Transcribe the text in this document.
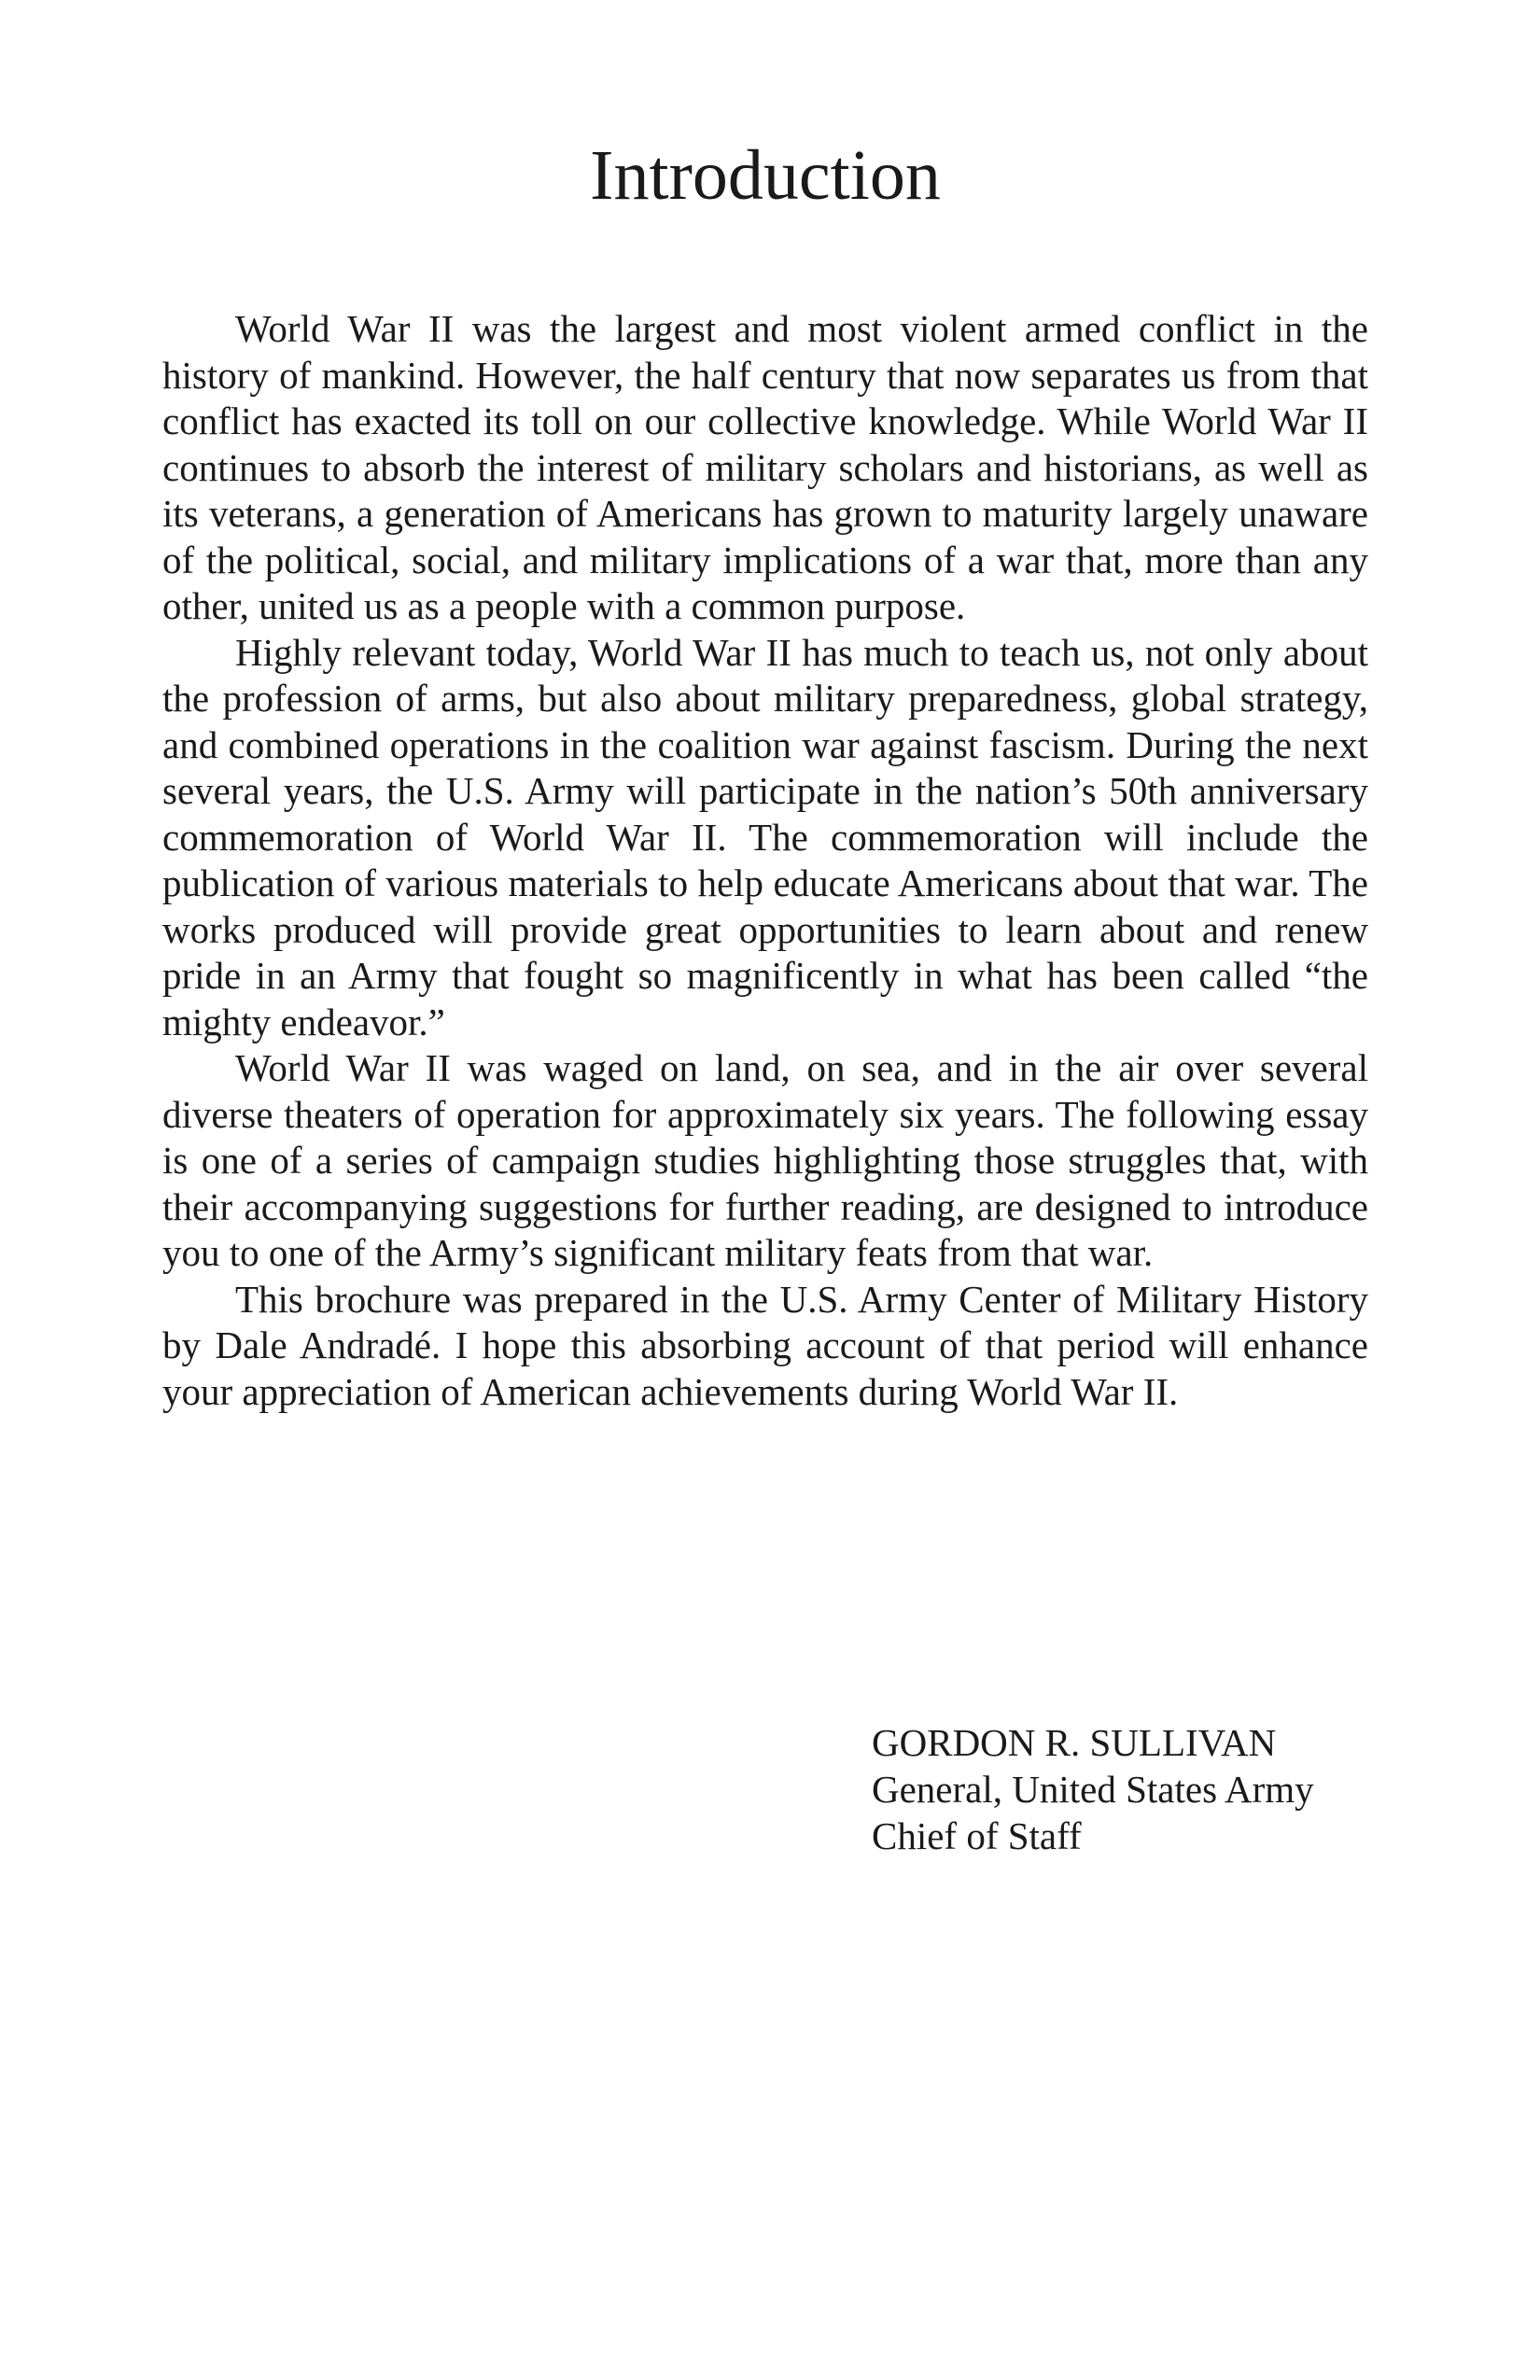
Introduction

World War II was the largest and most violent armed conflict in the history of mankind. However, the half century that now separates us from that conflict has exacted its toll on our collective knowledge. While World War II continues to absorb the interest of military scholars and historians, as well as its veterans, a generation of Americans has grown to maturity largely unaware of the political, social, and military implications of a war that, more than any other, united us as a people with a common purpose.

Highly relevant today, World War II has much to teach us, not only about the profession of arms, but also about military preparedness, global strategy, and combined operations in the coalition war against fascism. During the next several years, the U.S. Army will participate in the nation’s 50th anniversary commemoration of World War II. The commemoration will include the publication of various materials to help educate Americans about that war. The works produced will provide great opportunities to learn about and renew pride in an Army that fought so magnificently in what has been called “the mighty endeavor.”

World War II was waged on land, on sea, and in the air over several diverse theaters of operation for approximately six years. The following essay is one of a series of campaign studies highlighting those struggles that, with their accompanying suggestions for further reading, are designed to introduce you to one of the Army’s significant military feats from that war.

This brochure was prepared in the U.S. Army Center of Military History by Dale Andradé. I hope this absorbing account of that period will enhance your appreciation of American achievements during World War II.

GORDON R. SULLIVAN
General, United States Army
Chief of Staff
